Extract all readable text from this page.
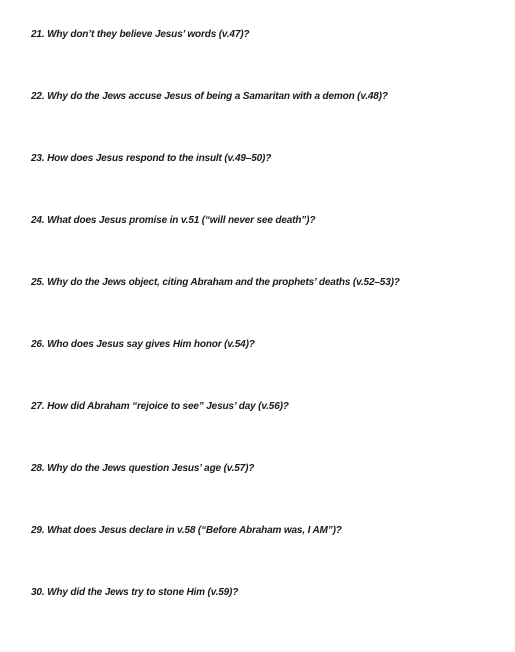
21. Why don’t they believe Jesus’ words (v.47)?
22. Why do the Jews accuse Jesus of being a Samaritan with a demon (v.48)?
23. How does Jesus respond to the insult (v.49–50)?
24. What does Jesus promise in v.51 (“will never see death”)?
25. Why do the Jews object, citing Abraham and the prophets’ deaths (v.52–53)?
26. Who does Jesus say gives Him honor (v.54)?
27. How did Abraham “rejoice to see” Jesus’ day (v.56)?
28. Why do the Jews question Jesus’ age (v.57)?
29. What does Jesus declare in v.58 (“Before Abraham was, I AM”)?
30. Why did the Jews try to stone Him (v.59)?
